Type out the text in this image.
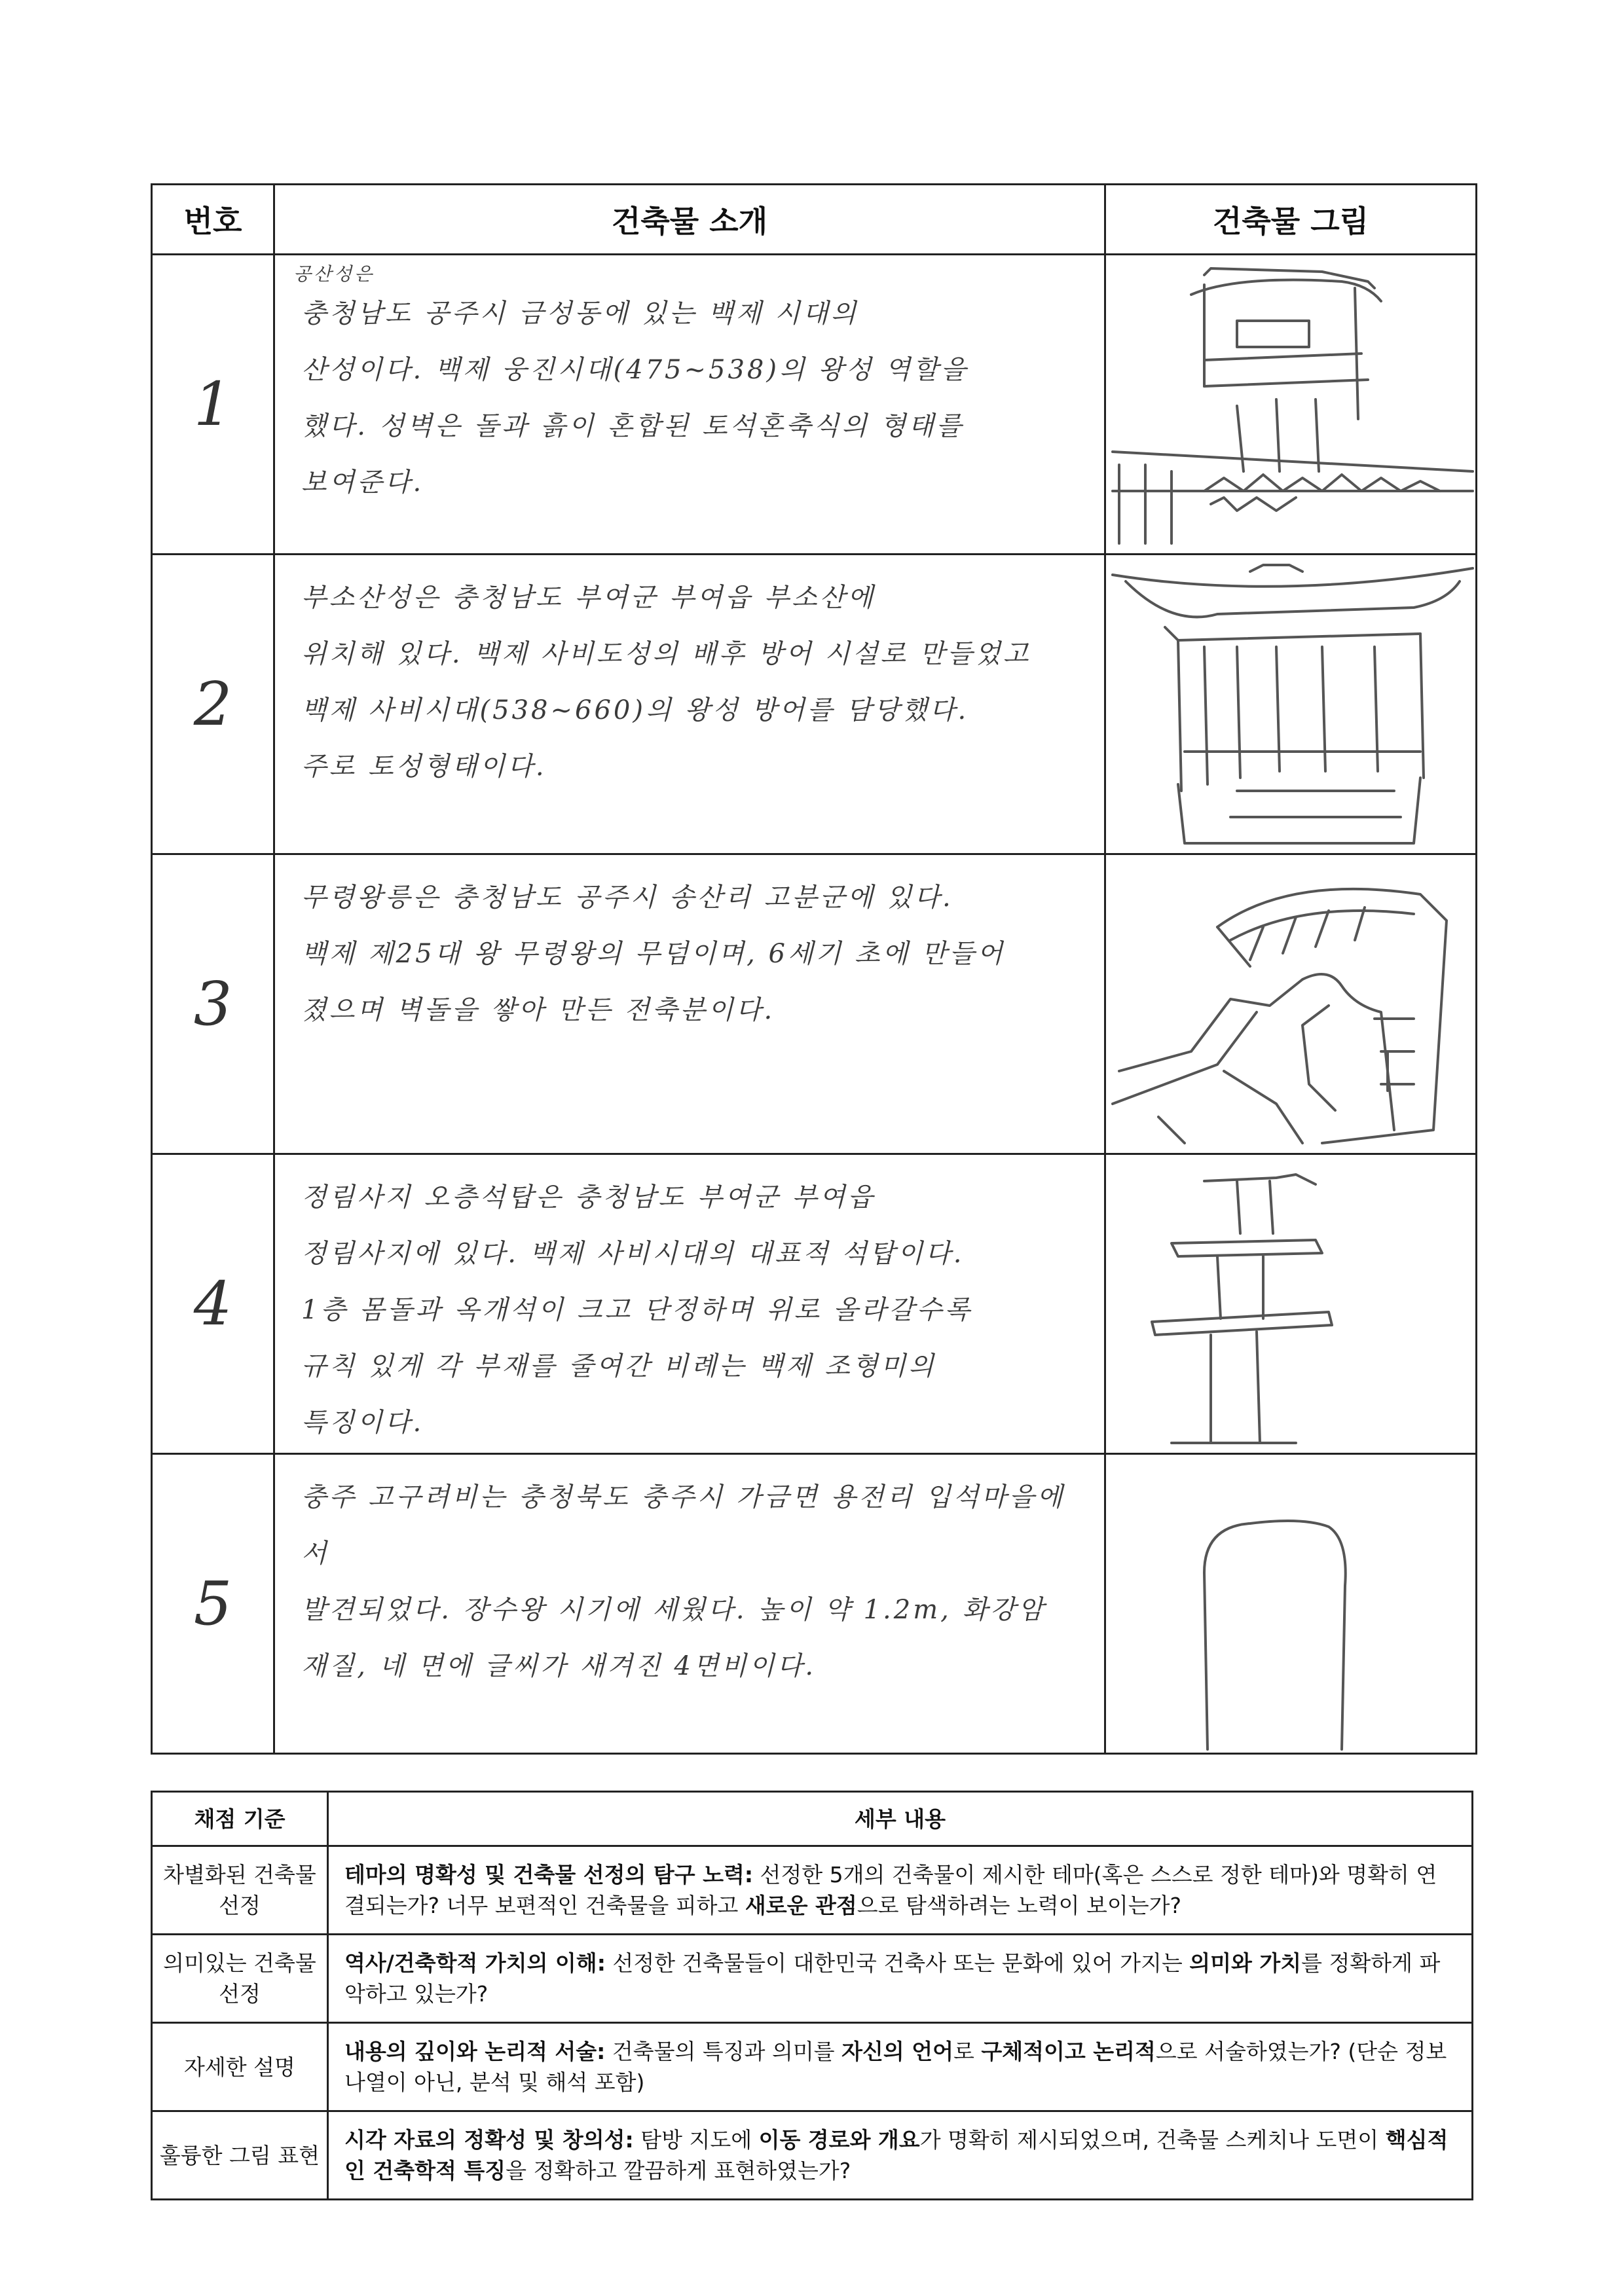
번호	건축물 소개	건축물 그림
1	공산성은
충청남도 공주시 금성동에 있는 백제 시대의
산성이다. 백제 웅진시대(475~538)의 왕성 역할을
했다. 성벽은 돌과 흙이 혼합된 토석혼축식의 형태를
보여준다.

2	부소산성은 충청남도 부여군 부여읍 부소산에
위치해 있다. 백제 사비도성의 배후 방어 시설로 만들었고
백제 사비시대(538~660)의 왕성 방어를 담당했다.
주로 토성형태이다.

3	무령왕릉은 충청남도 공주시 송산리 고분군에 있다.
백제 제25대 왕 무령왕의 무덤이며, 6세기 초에 만들어
졌으며 벽돌을 쌓아 만든 전축분이다.

4	정림사지 오층석탑은 충청남도 부여군 부여읍
정림사지에 있다. 백제 사비시대의 대표적 석탑이다.
1층 몸돌과 옥개석이 크고 단정하며 위로 올라갈수록
규칙 있게 각 부재를 줄여간 비례는 백제 조형미의
특징이다.

5	충주 고구려비는 충청북도 충주시 가금면 용전리 입석마을에서
발견되었다. 장수왕 시기에 세웠다. 높이 약 1.2m, 화강암
재질, 네 면에 글씨가 새겨진 4면비이다.

채점 기준	세부 내용
차별화된 건축물 선정	테마의 명확성 및 건축물 선정의 탐구 노력: 선정한 5개의 건축물이 제시한 테마(혹은 스스로 정한 테마)와 명확히 연결되는가? 너무 보편적인 건축물을 피하고 새로운 관점으로 탐색하려는 노력이 보이는가?
의미있는 건축물 선정	역사/건축학적 가치의 이해: 선정한 건축물들이 대한민국 건축사 또는 문화에 있어 가지는 의미와 가치를 정확하게 파악하고 있는가?
자세한 설명	내용의 깊이와 논리적 서술: 건축물의 특징과 의미를 자신의 언어로 구체적이고 논리적으로 서술하였는가? (단순 정보 나열이 아닌, 분석 및 해석 포함)
훌륭한 그림 표현	시각 자료의 정확성 및 창의성: 탐방 지도에 이동 경로와 개요가 명확히 제시되었으며, 건축물 스케치나 도면이 핵심적인 건축학적 특징을 정확하고 깔끔하게 표현하였는가?
